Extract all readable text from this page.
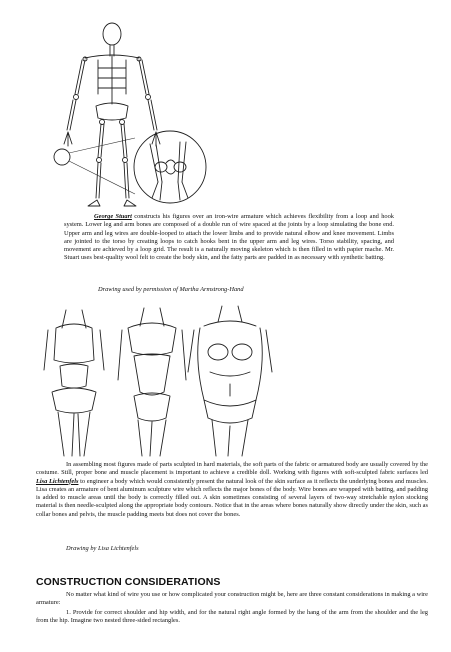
George Stuart constructs his figures over an iron-wire armature which achieves flexibility from a loop and hook system. Lower leg and arm bones are composed of a double run of wire spaced at the joints by a loop simulating the bone end. Upper arm and leg wires are double-looped to attach the lower limbs and to provide natural elbow and knee movement. Limbs are jointed to the torso by creating loops to catch hooks bent in the upper arm and leg wires. Torso stability, spacing, and movement are achieved by a loop grid. The result is a naturally moving skeleton which is then filled in with papier mache. Mr. Stuart uses best-quality wool felt to create the body skin, and the fatty parts are padded in as necessary with synthetic batting.

Drawing used by permission of Martha Armstrong-Hand

In assembling most figures made of parts sculpted in hard materials, the soft parts of the fabric or armatured body are usually covered by the costume. Still, proper bone and muscle placement is important to achieve a credible doll. Working with figures with soft-sculpted fabric surfaces led Lisa Lichtenfels to engineer a body which would consistently present the natural look of the skin surface as it reflects the underlying bones and muscles. Lisa creates an armature of bent aluminum sculpture wire which reflects the major bones of the body. Wire bones are wrapped with batting, and padding is added to muscle areas until the body is correctly filled out. A skin sometimes consisting of several layers of two-way stretchable nylon stocking material is then needle-sculpted along the appropriate body contours. Notice that in the areas where bones naturally show directly under the skin, such as collar bones and pelvis, the muscle padding meets but does not cover the bones.

Drawing by Lisa Lichtenfels
CONSTRUCTION CONSIDERATIONS

No matter what kind of wire you use or how complicated your construction might be, here are three constant considerations in making a wire armature:

1. Provide for correct shoulder and hip width, and for the natural right angle formed by the hang of the arm from the shoulder and the leg from the hip. Imagine two nested three-sided rectangles.
